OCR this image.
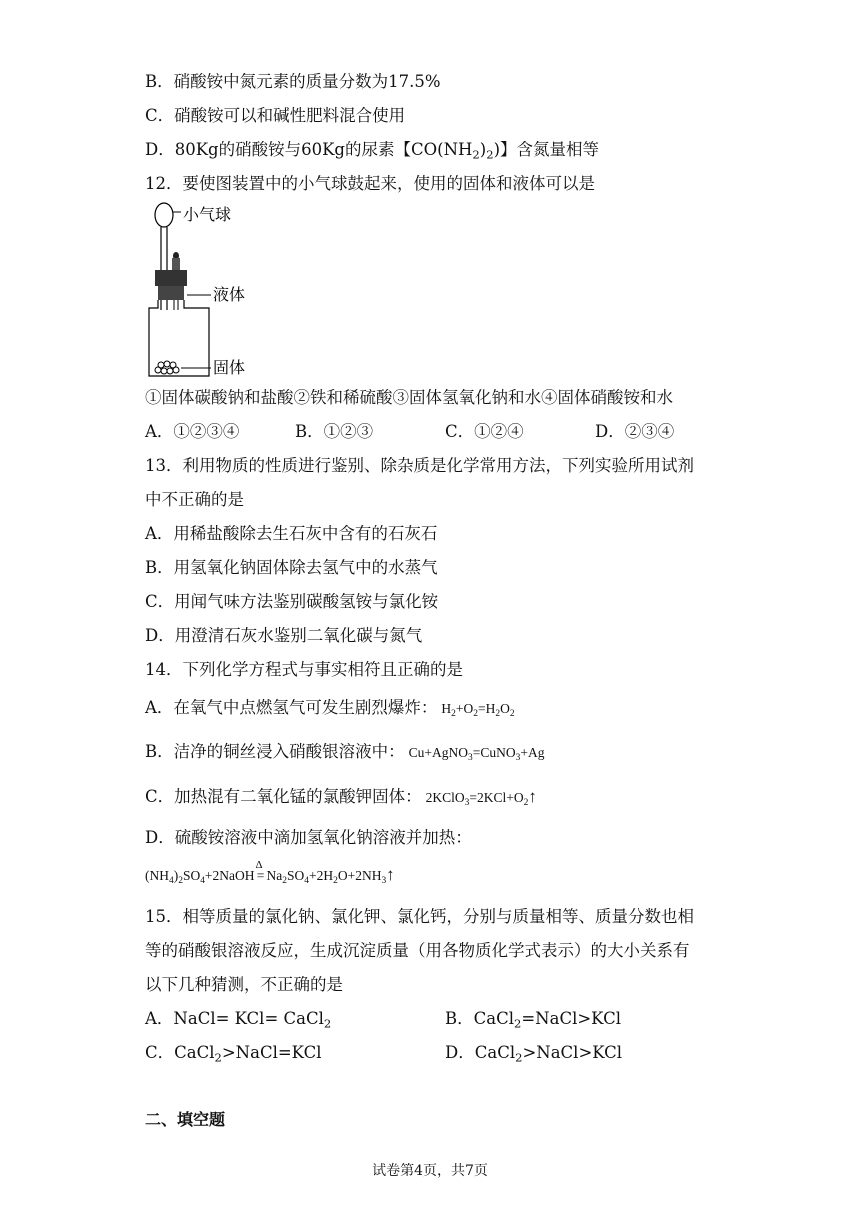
B．硝酸铵中氮元素的质量分数为17.5%
C．硝酸铵可以和碱性肥料混合使用
D．80Kg的硝酸铵与60Kg的尿素【$CO(NH_2)_2$)】含氮量相等
12．要使图装置中的小气球鼓起来，使用的固体和液体可以是
小气球
液体
固体
①固体碳酸钠和盐酸②铁和稀硫酸③固体氢氧化钠和水④固体硝酸铵和水
A．①②③④	B．①②③	C．①②④	D．②③④
13．利用物质的性质进行鉴别、除杂质是化学常用方法，下列实验所用试剂
中不正确的是
A．用稀盐酸除去生石灰中含有的石灰石
B．用氢氧化钠固体除去氢气中的水蒸气
C．用闻气味方法鉴别碳酸氢铵与氯化铵
D．用澄清石灰水鉴别二氧化碳与氮气
14．下列化学方程式与事实相符且正确的是
A．在氧气中点燃氢气可发生剧烈爆炸： $H_2+O_2=H_2O_2$
B．洁净的铜丝浸入硝酸银溶液中： Cu+AgNO$_3$=CuNO$_3$+Ag
C．加热混有二氧化锰的氯酸钾固体： $2KClO_3=2KCl+O_2↑$
D．硫酸铵溶液中滴加氢氧化钠溶液并加热：
$(NH_4)_2SO_4+2NaOH$ =
Δ
$Na_2SO_4+2H_2O+2NH_3↑$
15．相等质量的氯化钠、氯化钾、氯化钙，分别与质量相等、质量分数也相
等的硝酸银溶液反应，生成沉淀质量（用各物质化学式表示）的大小关系有
以下几种猜测，不正确的是
A．NaCl= KCl= CaCl$_2$	B．CaCl$_2$=NaCl>KCl
C．CaCl$_2$>NaCl=KCl	D．CaCl$_2$>NaCl>KCl
二、填空题
试卷第4页，共7页
